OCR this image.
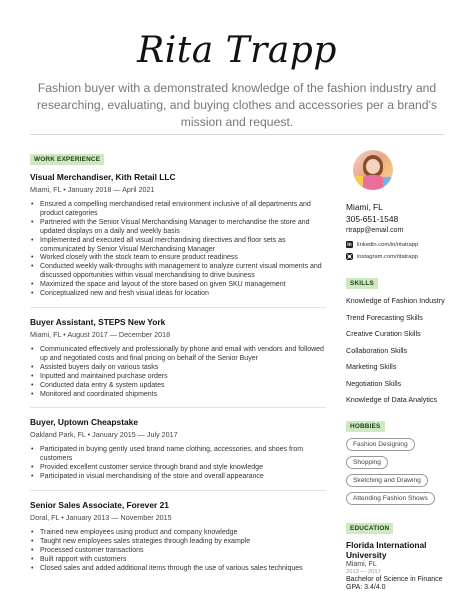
Rita Trapp
Fashion buyer with a demonstrated knowledge of the fashion industry and researching, evaluating, and buying clothes and accessories per a brand's mission and request.
WORK EXPERIENCE
Visual Merchandiser, Kith Retail LLC
Miami, FL • January 2018 — April 2021
• Ensured a compelling merchandised retail environment inclusive of all departments and product categories
• Partnered with the Senior Visual Merchandising Manager to merchandise the store and updated displays on a daily and weekly basis
• Implemented and executed all visual merchandising directives and floor sets as communicated by Senior Visual Merchandising Manager
• Worked closely with the stock team to ensure product readiness
• Conducted weekly walk-throughs with management to analyze current visual moments and discussed opportunities within visual merchandising to drive business
• Maximized the space and layout of the store based on given SKU management
• Conceptualized new and fresh visual ideas for location
Buyer Assistant, STEPS New York
Miami, FL • August 2017 — December 2018
• Communicated effectively and professionally by phone and email with vendors and followed up and negotiated costs and final pricing on behalf of the Senior Buyer
• Assisted buyers daily on various tasks
• Inputted and maintained purchase orders
• Conducted data entry & system updates
• Monitored and coordinated shipments
Buyer, Uptown Cheapstake
Oakland Park, FL • January 2015 — July 2017
• Participated in buying gently used brand name clothing, accessories, and shoes from customers
• Provided excellent customer service through brand and style knowledge
• Participated in visual merchandising of the store and overall appearance
Senior Sales Associate, Forever 21
Doral, FL • January 2013 — November 2015
• Trained new employees using product and company knowledge
• Taught new employees sales strategies through leading by example
• Processed customer transactions
• Built rapport with customers
• Closed sales and added additional items through the use of various sales techniques
Miami, FL
305-651-1548
rtrapp@email.com
in linkedin.com/in/ritatrapp
instagram.com/ritatrapp
SKILLS
Knowledge of Fashion Industry
Trend Forecasting Skills
Creative Curation Skills
Collaboration Skills
Marketing Skills
Negotiation Skills
Knowledge of Data Analytics
HOBBIES
Fashion Designing
Shopping
Sketching and Drawing
Attending Fashion Shows
EDUCATION
Florida International University
Miami, FL
2013 — 2017
Bachelor of Science in Finance
GPA: 3.4/4.0
